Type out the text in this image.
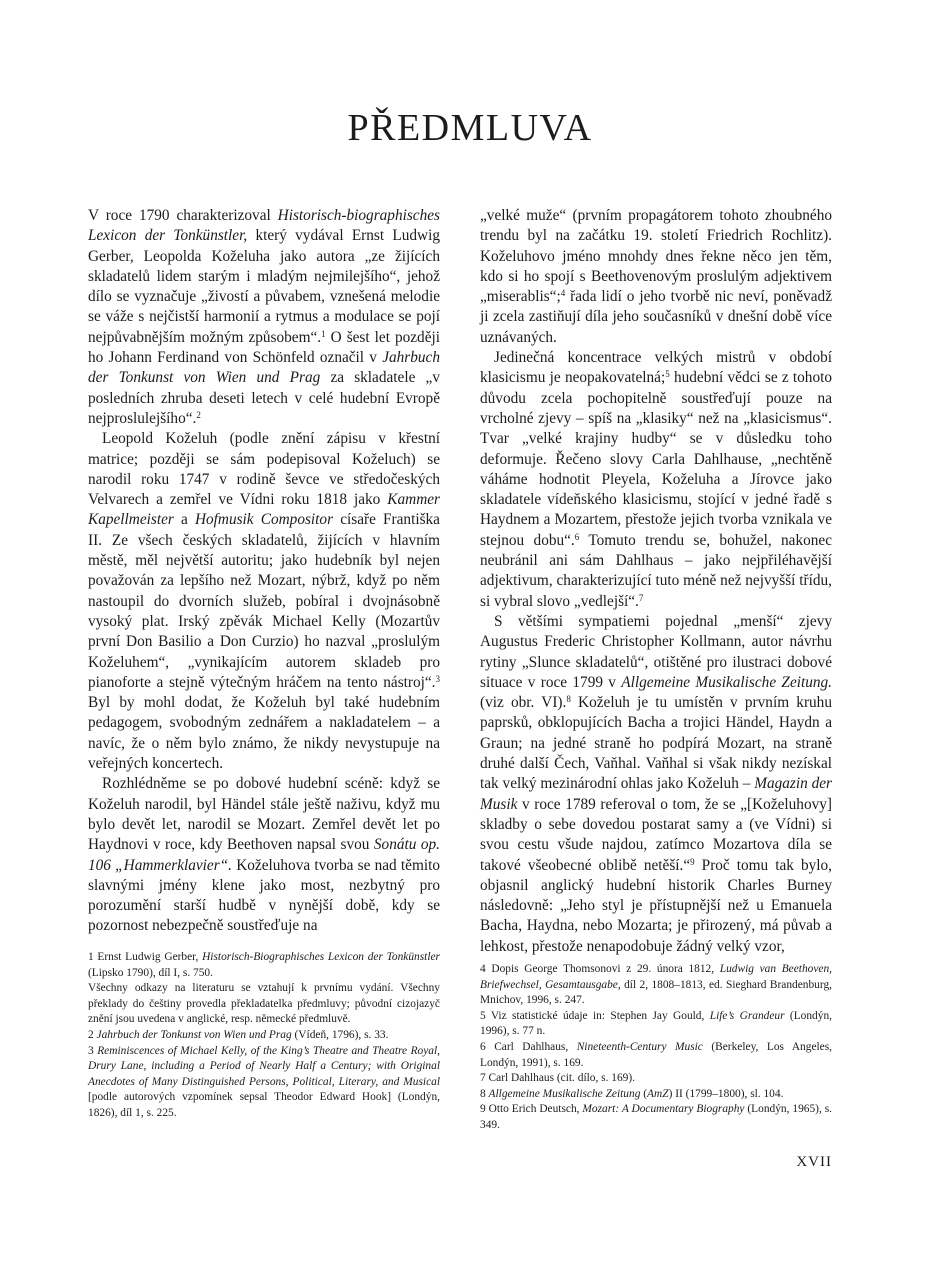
PŘEDMLUVA

V roce 1790 charakterizoval Historisch-biographisches Lexicon der Tonkünstler, který vydával Ernst Ludwig Gerber, Leopolda Koželuha jako autora „ze žijících skladatelů lidem starým i mladým nejmilejšího“, jehož dílo se vyznačuje „živostí a půvabem, vznešená melodie se váže s nejčistší harmonií a rytmus a modulace se pojí nejpůvabnějším možným způsobem“.$^1$ O šest let později ho Johann Ferdinand von Schönfeld označil v Jahrbuch der Tonkunst von Wien und Prag za skladatele „v posledních zhruba deseti letech v celé hudební Evropě nejproslulejšího“.$^2$

Leopold Koželuh (podle znění zápisu v křestní matrice; později se sám podepisoval Koželuch) se narodil roku 1747 v rodině ševce ve středočeských Velvarech a zemřel ve Vídni roku 1818 jako Kammer Kapellmeister a Hofmusik Compositor císaře Františka II. Ze všech českých skladatelů, žijících v hlavním městě, měl největší autoritu; jako hudebník byl nejen považován za lepšího než Mozart, nýbrž, když po něm nastoupil do dvorních služeb, pobíral i dvojnásobně vysoký plat. Irský zpěvák Michael Kelly (Mozartův první Don Basilio a Don Curzio) ho nazval „proslulým Koželuhem“, „vynikajícím autorem skladeb pro pianoforte a stejně výtečným hráčem na tento nástroj“.$^3$ Byl by mohl dodat, že Koželuh byl také hudebním pedagogem, svobodným zednářem a nakladatelem – a navíc, že o něm bylo známo, že nikdy nevystupuje na veřejných koncertech.

Rozhlédněme se po dobové hudební scéně: když se Koželuh narodil, byl Händel stále ještě naživu, když mu bylo devět let, narodil se Mozart. Zemřel devět let po Haydnovi v roce, kdy Beethoven napsal svou Sonátu op. 106 „Hammerklavier“. Koželuhova tvorba se nad těmito slavnými jmény klene jako most, nezbytný pro porozumění starší hudbě v nynější době, kdy se pozornost nebezpečně soustřeďuje na

„velké muže“ (prvním propagátorem tohoto zhoubného trendu byl na začátku 19. století Friedrich Rochlitz). Koželuhovo jméno mnohdy dnes řekne něco jen těm, kdo si ho spojí s Beethovenovým proslulým adjektivem „miserablis“;$^4$ řada lidí o jeho tvorbě nic neví, poněvadž ji zcela zastiňují díla jeho současníků v dnešní době více uznávaných.

Jedinečná koncentrace velkých mistrů v období klasicismu je neopakovatelná;$^5$ hudební vědci se z tohoto důvodu zcela pochopitelně soustřeďují pouze na vrcholné zjevy – spíš na „klasiky“ než na „klasicismus“. Tvar „velké krajiny hudby“ se v důsledku toho deformuje. Řečeno slovy Carla Dahlhause, „nechtěně váháme hodnotit Pleyela, Koželuha a Jírovce jako skladatele vídeňského klasicismu, stojící v jedné řadě s Haydnem a Mozartem, přestože jejich tvorba vznikala ve stejnou dobu“.$^6$ Tomuto trendu se, bohužel, nakonec neubránil ani sám Dahlhaus – jako nejpřiléhavější adjektivum, charakterizující tuto méně než nejvyšší třídu, si vybral slovo „vedlejší“.$^7$

S většími sympatiemi pojednal „menší“ zjevy Augustus Frederic Christopher Kollmann, autor návrhu rytiny „Slunce skladatelů“, otištěné pro ilustraci dobové situace v roce 1799 v Allgemeine Musikalische Zeitung. (viz obr. VI).$^8$ Koželuh je tu umístěn v prvním kruhu paprsků, obklopujících Bacha a trojici Händel, Haydn a Graun; na jedné straně ho podpírá Mozart, na straně druhé další Čech, Vaňhal. Vaňhal si však nikdy nezískal tak velký mezinárodní ohlas jako Koželuh – Magazin der Musik v roce 1789 referoval o tom, že se „[Koželuhovy] skladby o sebe dovedou postarat samy a (ve Vídni) si svou cestu všude najdou, zatímco Mozartova díla se takové všeobecné oblibě netěší.“$^9$ Proč tomu tak bylo, objasnil anglický hudební historik Charles Burney následovně: „Jeho styl je přístupnější než u Emanuela Bacha, Haydna, nebo Mozarta; je přirozený, má půvab a lehkost, přestože nenapodobuje žádný velký vzor,

1 Ernst Ludwig Gerber, Historisch-Biographisches Lexicon der Tonkünstler (Lipsko 1790), díl I, s. 750.

Všechny odkazy na literaturu se vztahují k prvnímu vydání. Všechny překlady do češtiny provedla překladatelka předmluvy; původní cizojazyč znění jsou uvedena v anglické, resp. německé předmluvě.

2 Jahrbuch der Tonkunst von Wien und Prag (Vídeň, 1796), s. 33.

3 Reminiscences of Michael Kelly, of the King’s Theatre and Theatre Royal, Drury Lane, including a Period of Nearly Half a Century; with Original Anecdotes of Many Distinguished Persons, Political, Literary, and Musical [podle autorových vzpomínek sepsal Theodor Edward Hook] (Londýn, 1826), díl 1, s. 225.

4 Dopis George Thomsonovi z 29. února 1812, Ludwig van Beethoven, Briefwechsel, Gesamtausgabe, díl 2, 1808–1813, ed. Sieghard Brandenburg, Mnichov, 1996, s. 247.

5 Viz statistické údaje in: Stephen Jay Gould, Life’s Grandeur (Londýn, 1996), s. 77 n.

6 Carl Dahlhaus, Nineteenth-Century Music (Berkeley, Los Angeles, Londýn, 1991), s. 169.

7 Carl Dahlhaus (cit. dílo, s. 169).

8 Allgemeine Musikalische Zeitung (AmZ) II (1799–1800), sl. 104.

9 Otto Erich Deutsch, Mozart: A Documentary Biography (Londýn, 1965), s. 349.

XVII
